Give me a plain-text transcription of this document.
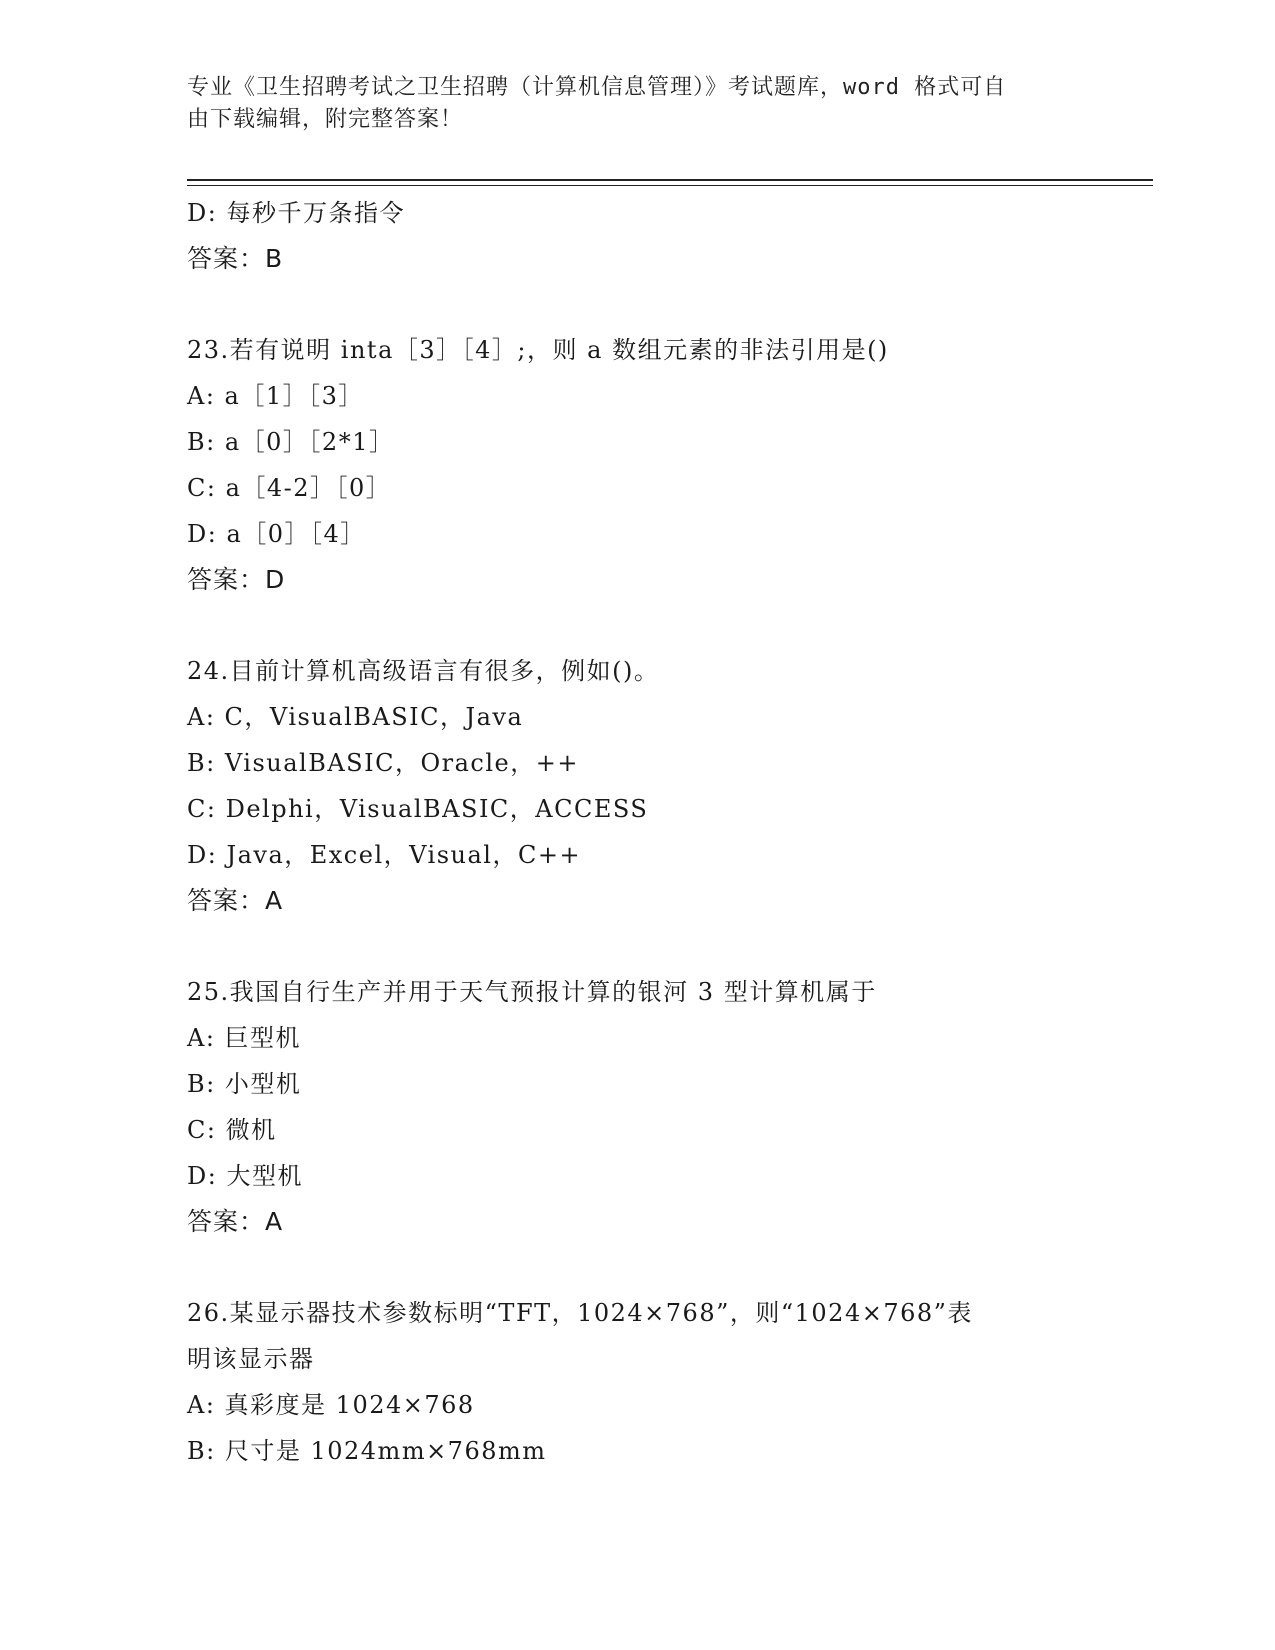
专业《卫生招聘考试之卫生招聘（计算机信息管理）》考试题库，word 格式可自
由下载编辑，附完整答案！
D: 每秒千万条指令
答案：B
23.若有说明 inta［3］［4］;，则 a 数组元素的非法引用是()
A: a［1］［3］
B: a［0］［2*1］
C: a［4-2］［0］
D: a［0］［4］
答案：D
24.目前计算机高级语言有很多，例如()。
A: C，VisualBASIC，Java
B: VisualBASIC，Oracle，++
C: Delphi，VisualBASIC，ACCESS
D: Java，Excel，Visual，C++
答案：A
25.我国自行生产并用于天气预报计算的银河 3 型计算机属于
A: 巨型机
B: 小型机
C: 微机
D: 大型机
答案：A
26.某显示器技术参数标明“TFT，1024×768”，则“1024×768”表
明该显示器
A: 真彩度是 1024×768
B: 尺寸是 1024mm×768mm
